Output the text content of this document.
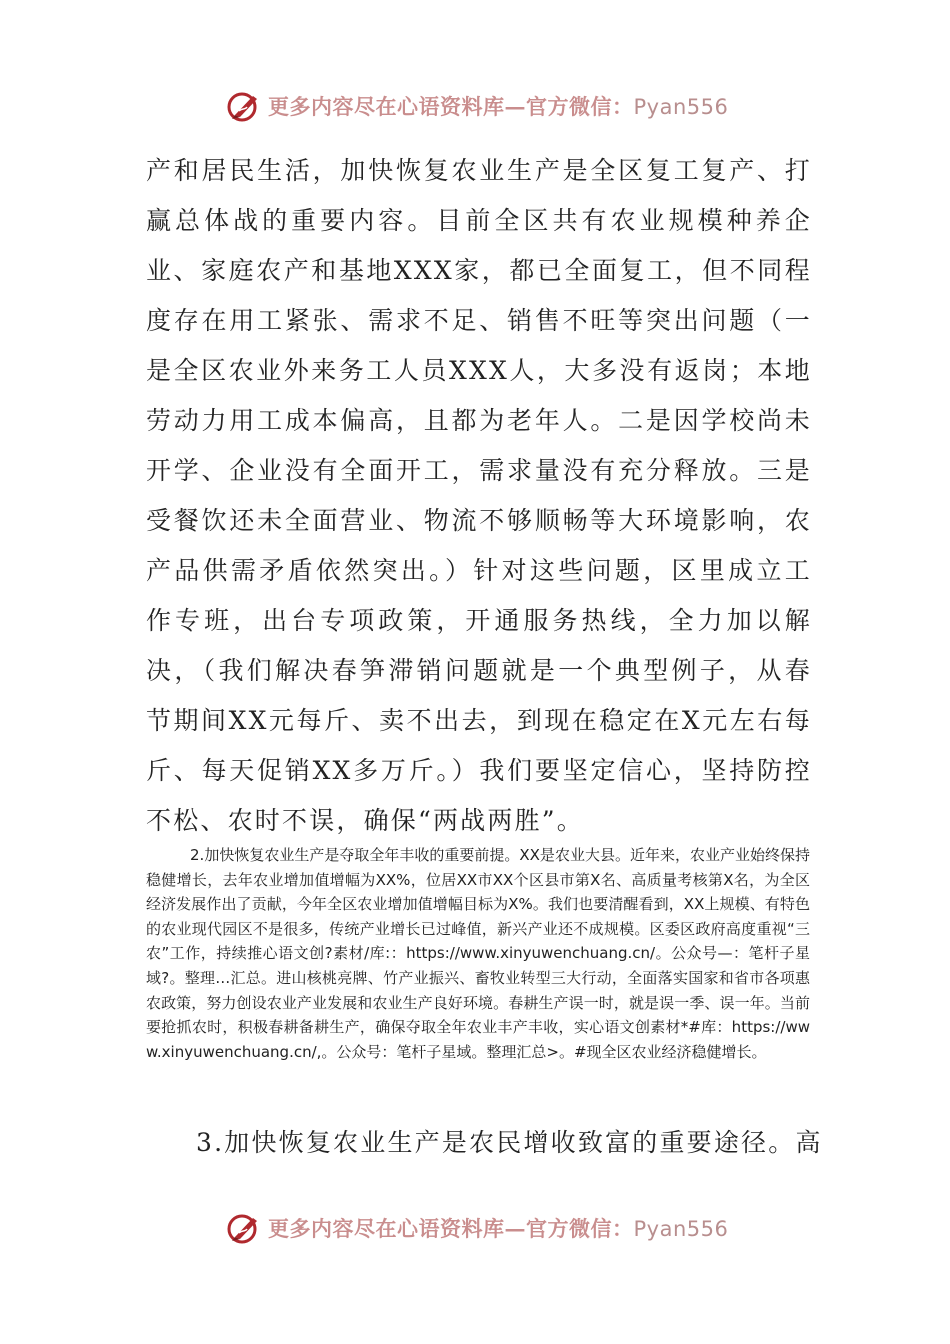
更多内容尽在心语资料库—官方微信：Pyan556
产和居民生活，加快恢复农业生产是全区复工复产、打赢总体战的重要内容。目前全区共有农业规模种养企业、家庭农产和基地XXX家，都已全面复工，但不同程度存在用工紧张、需求不足、销售不旺等突出问题（一是全区农业外来务工人员XXX人，大多没有返岗；本地劳动力用工成本偏高，且都为老年人。二是因学校尚未开学、企业没有全面开工，需求量没有充分释放。三是受餐饮还未全面营业、物流不够顺畅等大环境影响，农产品供需矛盾依然突出。）针对这些问题，区里成立工作专班，出台专项政策，开通服务热线，全力加以解决，（我们解决春笋滞销问题就是一个典型例子，从春节期间XX元每斤、卖不出去，到现在稳定在X元左右每斤、每天促销XX多万斤。）我们要坚定信心，坚持防控不松、农时不误，确保“两战两胜”。
2.加快恢复农业生产是夺取全年丰收的重要前提。XX是农业大县。近年来，农业产业始终保持稳健增长，去年农业增加值增幅为XX%，位居XX市XX个区县市第X名、高质量考核第X名，为全区经济发展作出了贡献，今年全区农业增加值增幅目标为X%。我们也要清醒看到，XX上规模、有特色的农业现代园区不是很多，传统产业增长已过峰值，新兴产业还不成规模。区委区政府高度重视“三农”工作，持续推心语文创?素材/库:：https://www.xinyuwenchuang.cn/。公众号—：笔杆子星域?。整理…汇总。进山核桃亮牌、竹产业振兴、畜牧业转型三大行动，全面落实国家和省市各项惠农政策，努力创设农业产业发展和农业生产良好环境。春耕生产误一时，就是误一季、误一年。当前要抢抓农时，积极春耕备耕生产，确保夺取全年农业丰产丰收，实心语文创素材*#库：https://www.xinyuwenchuang.cn/,。公众号：笔杆子星域。整理汇总>。#现全区农业经济稳健增长。
3.加快恢复农业生产是农民增收致富的重要途径。高
更多内容尽在心语资料库—官方微信：Pyan556
